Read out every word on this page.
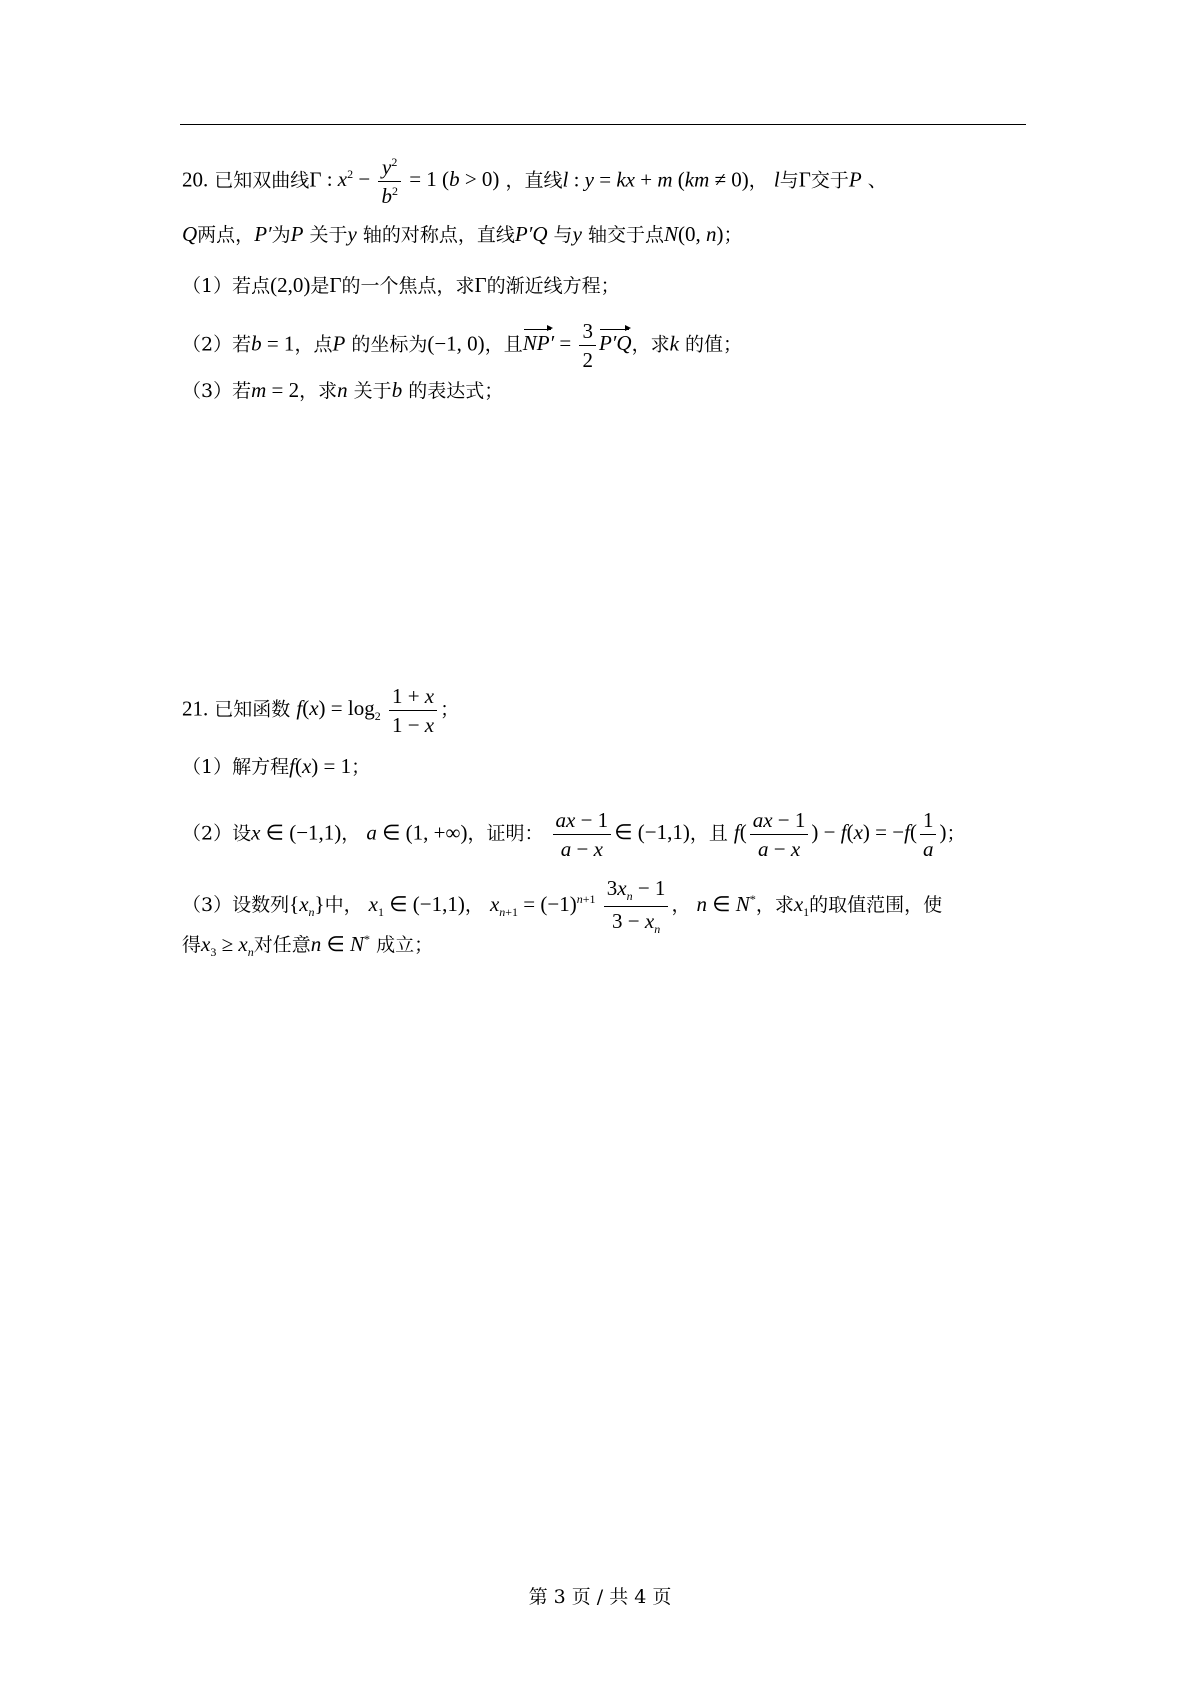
20. 已知双曲线Γ : $x^2 - \frac{y^2}{b^2} = 1$ (b > 0) ，直线l : y = kx + m (km ≠ 0)， l与Γ交于P 、
Q两点，P′为P 关于y 轴的对称点，直线P′Q 与y 轴交于点N(0, n)；
（1）若点(2,0)是Γ的一个焦点，求Γ的渐近线方程；
（2）若b = 1，点P 的坐标为(−1, 0)，且$NP' = \frac{3}{2} P'Q$，求k 的值；
（3）若m = 2，求n 关于b 的表达式；
21. 已知函数 $f(x) = \log_2 \frac{1 + x}{1 - x}$ ；
（1）解方程f(x) = 1；
（2）设x ∈ (−1,1)， a ∈ (1, +∞)，证明： $\frac{ax - 1}{a - x}$ ∈ (−1,1)，且 $f( \frac{ax - 1}{a - x}$ ) − $f(x) = -f( \frac{1}{a}$ )；
（3）设数列$\{x_n\}$中， $x_1$ ∈ (−1,1)， $x_{n+1} = (-1)^{n+1} \frac{3x_n - 1}{3 - x_n}$ ， n ∈ N*，求$x_1$的取值范围，使
得$x_3 \ge x_n$对任意n ∈ N* 成立；
第 3 页 / 共 4 页
